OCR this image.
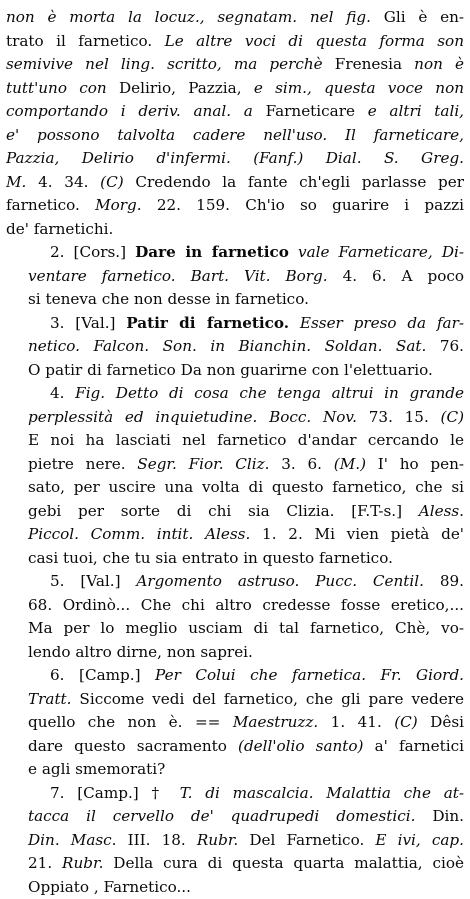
non è morta la locuz., segnatam. nel fig. Gli è en-
trato il farnetico. Le altre voci di questa forma son
semivive nel ling. scritto, ma perchè Frenesia non è
tutt'uno con Delirio, Pazzia, e sim., questa voce non
comportando i deriv. anal. a Farneticare e altri tali,
e' possono talvolta cadere nell'uso. Il farneticare,
Pazzia, Delirio d'infermi. (Fanf.) Dial. S. Greg.
M. 4. 34. (C) Credendo la fante ch'egli parlasse per
farnetico. Morg. 22. 159. Ch'io so guarire i pazzi
de' farnetichi.
2. [Cors.] Dare in farnetico vale Farneticare, Di-
ventare farnetico. Bart. Vit. Borg. 4. 6. A poco
si teneva che non desse in farnetico.
3. [Val.] Patir di farnetico. Esser preso da far-
netico. Falcon. Son. in Bianchin. Soldan. Sat. 76.
O patir di farnetico Da non guarirne con l'elettuario.
4. Fig. Detto di cosa che tenga altrui in grande
perplessità ed inquietudine. Bocc. Nov. 73. 15. (C)
E noi ha lasciati nel farnetico d'andar cercando le
pietre nere. Segr. Fior. Cliz. 3. 6. (M.) I' ho pen-
sato, per uscire una volta di questo farnetico, che si
gebi per sorte di chi sia Clizia. [F.T-s.] Aless.
Piccol. Comm. intit. Aless. 1. 2. Mi vien pietà de'
casi tuoi, che tu sia entrato in questo farnetico.
5. [Val.] Argomento astruso. Pucc. Centil. 89.
68. Ordinò... Che chi altro credesse fosse eretico,...
Ma per lo meglio usciam di tal farnetico, Chè, vo-
lendo altro dirne, non saprei.
6. [Camp.] Per Colui che farnetica. Fr. Giord.
Tratt. Siccome vedi del farnetico, che gli pare vedere
quello che non è. == Maestruzz. 1. 41. (C) Dêsi
dare questo sacramento (dell'olio santo) a' farnetici
e agli smemorati?
7. [Camp.] † T. di mascalcia. Malattia che at-
tacca il cervello de' quadrupedi domestici. Din.
Din. Masc. III. 18. Rubr. Del Farnetico. E ivi, cap.
21. Rubr. Della cura di questa quarta malattia, cioè
Oppiato , Farnetico...
